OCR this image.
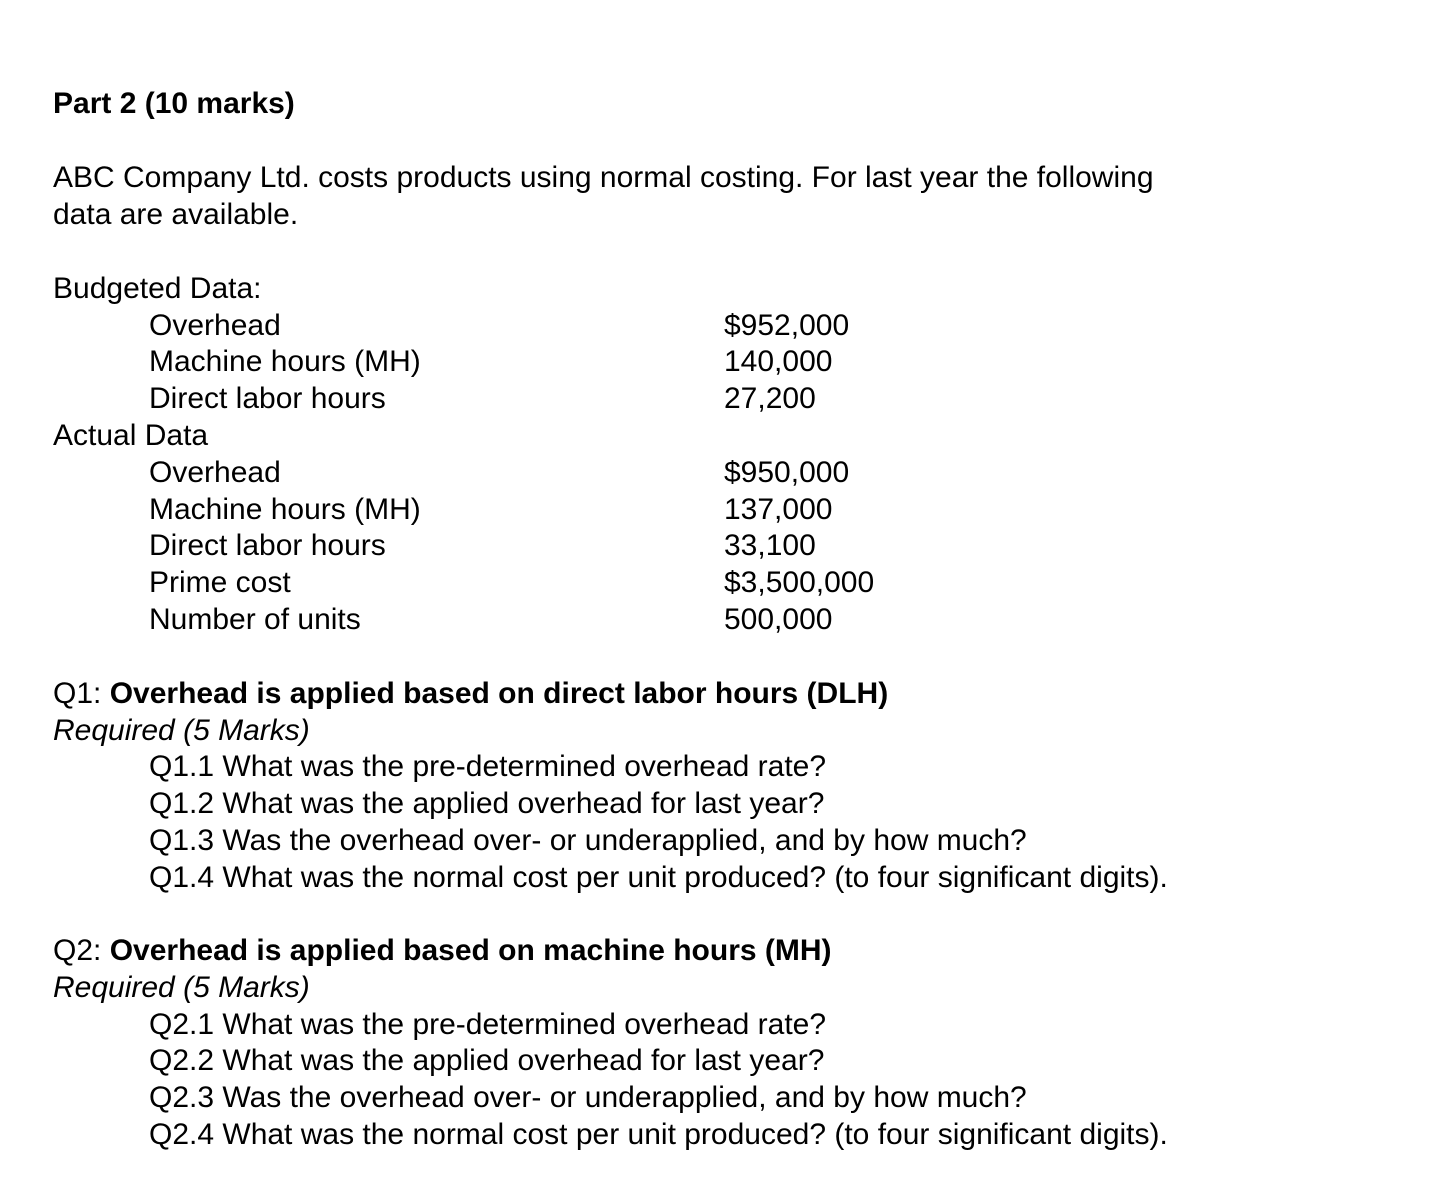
Part 2 (10 marks)
ABC Company Ltd. costs products using normal costing. For last year the following
data are available.
Budgeted Data:
Overhead	$952,000
Machine hours (MH)	140,000
Direct labor hours	27,200
Actual Data
Overhead	$950,000
Machine hours (MH)	137,000
Direct labor hours	33,100
Prime cost	$3,500,000
Number of units	500,000
Q1: Overhead is applied based on direct labor hours (DLH)
Required (5 Marks)
Q1.1 What was the pre-determined overhead rate?
Q1.2 What was the applied overhead for last year?
Q1.3 Was the overhead over- or underapplied, and by how much?
Q1.4 What was the normal cost per unit produced? (to four significant digits).
Q2: Overhead is applied based on machine hours (MH)
Required (5 Marks)
Q2.1 What was the pre-determined overhead rate?
Q2.2 What was the applied overhead for last year?
Q2.3 Was the overhead over- or underapplied, and by how much?
Q2.4 What was the normal cost per unit produced? (to four significant digits).
